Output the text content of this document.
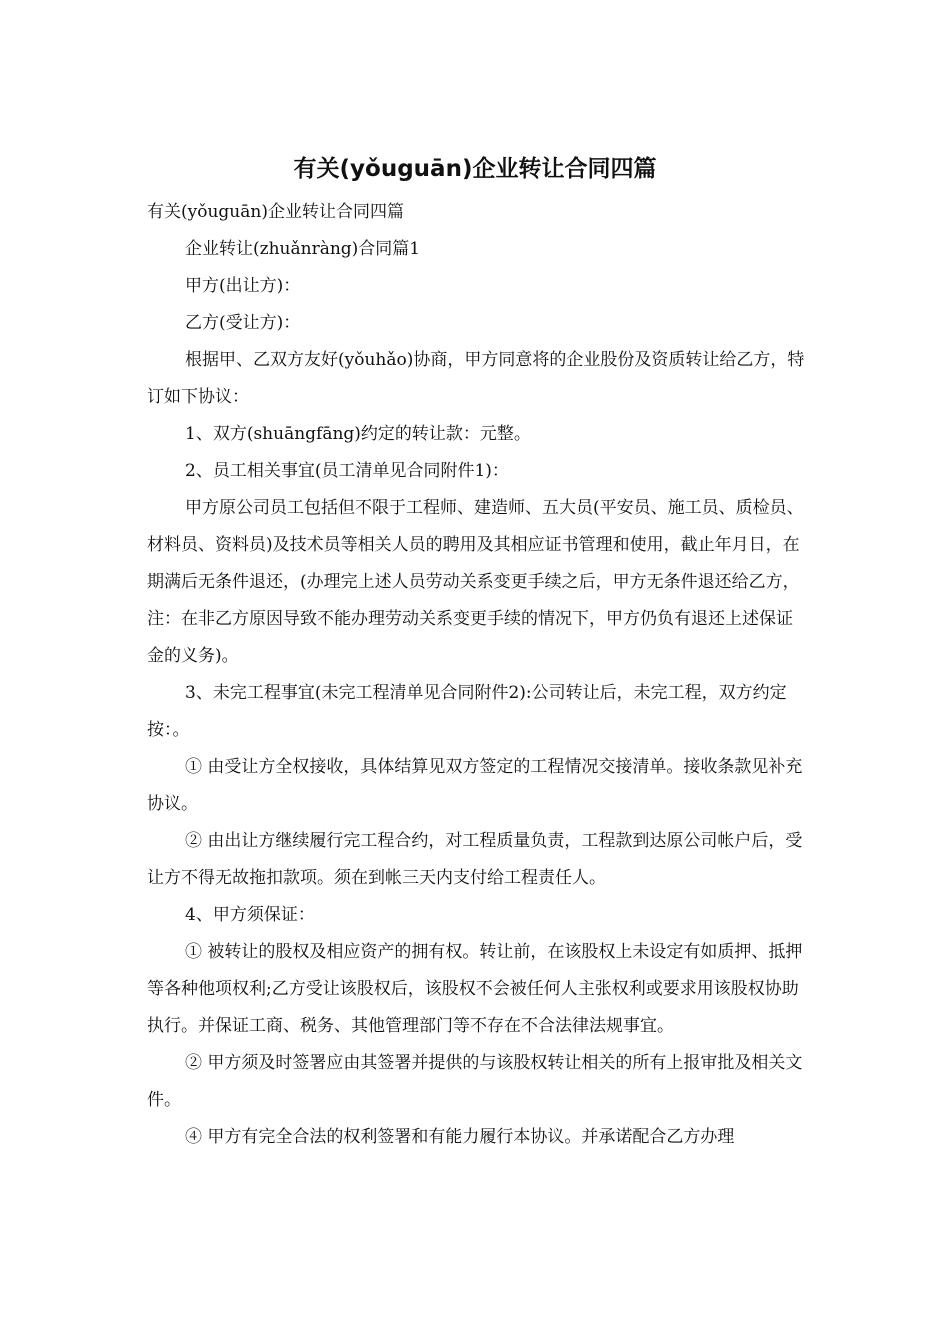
有关(yǒuguān)企业转让合同四篇

有关(yǒuguān)企业转让合同四篇

企业转让(zhuǎnràng)合同篇1

甲方(出让方)：

乙方(受让方)：

根据甲、乙双方友好(yǒuhǎo)协商，甲方同意将的企业股份及资质转让给乙方，特订如下协议：

1、双方(shuāngfāng)约定的转让款：元整。

2、员工相关事宜(员工清单见合同附件1)：

甲方原公司员工包括但不限于工程师、建造师、五大员(平安员、施工员、质检员、材料员、资料员)及技术员等相关人员的聘用及其相应证书管理和使用，截止年月日，在期满后无条件退还，(办理完上述人员劳动关系变更手续之后，甲方无条件退还给乙方，注：在非乙方原因导致不能办理劳动关系变更手续的情况下，甲方仍负有退还上述保证金的义务)。

3、未完工程事宜(未完工程清单见合同附件2):公司转让后，未完工程，双方约定按：。

① 由受让方全权接收，具体结算见双方签定的工程情况交接清单。接收条款见补充协议。

② 由出让方继续履行完工程合约，对工程质量负责，工程款到达原公司帐户后，受让方不得无故拖扣款项。须在到帐三天内支付给工程责任人。

4、甲方须保证：

① 被转让的股权及相应资产的拥有权。转让前，在该股权上未设定有如质押、抵押等各种他项权利;乙方受让该股权后，该股权不会被任何人主张权利或要求用该股权协助执行。并保证工商、税务、其他管理部门等不存在不合法律法规事宜。

② 甲方须及时签署应由其签署并提供的与该股权转让相关的所有上报审批及相关文件。

④ 甲方有完全合法的权利签署和有能力履行本协议。并承诺配合乙方办理
